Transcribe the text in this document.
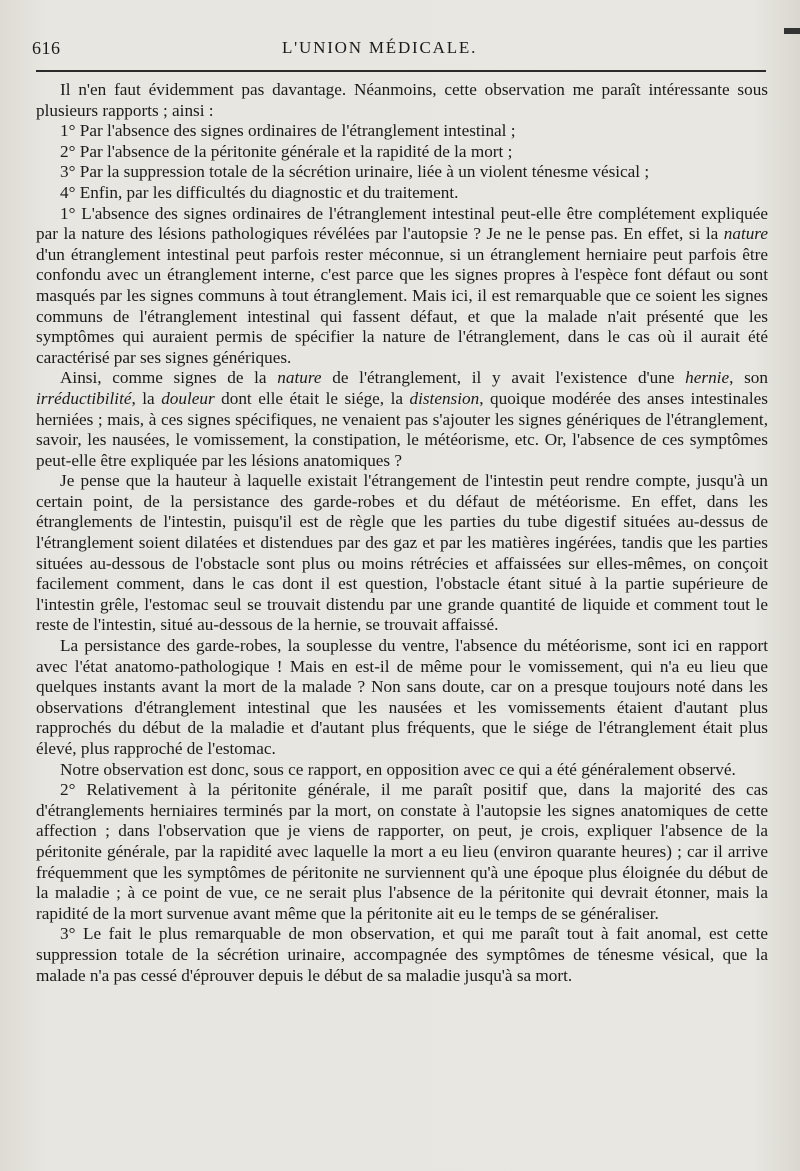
616	L'UNION MÉDICALE.

Il n'en faut évidemment pas davantage. Néanmoins, cette observation me paraît intéressante sous plusieurs rapports ; ainsi :

1° Par l'absence des signes ordinaires de l'étranglement intestinal ;

2° Par l'absence de la péritonite générale et la rapidité de la mort ;

3° Par la suppression totale de la sécrétion urinaire, liée à un violent ténesme vésical ;

4° Enfin, par les difficultés du diagnostic et du traitement.

1° L'absence des signes ordinaires de l'étranglement intestinal peut-elle être complétement expliquée par la nature des lésions pathologiques révélées par l'autopsie ? Je ne le pense pas. En effet, si la nature d'un étranglement intestinal peut parfois rester méconnue, si un étranglement herniaire peut parfois être confondu avec un étranglement interne, c'est parce que les signes propres à l'espèce font défaut ou sont masqués par les signes communs à tout étranglement. Mais ici, il est remarquable que ce soient les signes communs de l'étranglement intestinal qui fassent défaut, et que la malade n'ait présenté que les symptômes qui auraient permis de spécifier la nature de l'étranglement, dans le cas où il aurait été caractérisé par ses signes génériques.

Ainsi, comme signes de la nature de l'étranglement, il y avait l'existence d'une hernie, son irréductibilité, la douleur dont elle était le siége, la distension, quoique modérée des anses intestinales herniées ; mais, à ces signes spécifiques, ne venaient pas s'ajouter les signes génériques de l'étranglement, savoir, les nausées, le vomissement, la constipation, le météorisme, etc. Or, l'absence de ces symptômes peut-elle être expliquée par les lésions anatomiques ?

Je pense que la hauteur à laquelle existait l'étrangement de l'intestin peut rendre compte, jusqu'à un certain point, de la persistance des garde-robes et du défaut de météorisme. En effet, dans les étranglements de l'intestin, puisqu'il est de règle que les parties du tube digestif situées au-dessus de l'étranglement soient dilatées et distendues par des gaz et par les matières ingérées, tandis que les parties situées au-dessous de l'obstacle sont plus ou moins rétrécies et affaissées sur elles-mêmes, on conçoit facilement comment, dans le cas dont il est question, l'obstacle étant situé à la partie supérieure de l'intestin grêle, l'estomac seul se trouvait distendu par une grande quantité de liquide et comment tout le reste de l'intestin, situé au-dessous de la hernie, se trouvait affaissé.

La persistance des garde-robes, la souplesse du ventre, l'absence du météorisme, sont ici en rapport avec l'état anatomo-pathologique ! Mais en est-il de même pour le vomissement, qui n'a eu lieu que quelques instants avant la mort de la malade ? Non sans doute, car on a presque toujours noté dans les observations d'étranglement intestinal que les nausées et les vomissements étaient d'autant plus rapprochés du début de la maladie et d'autant plus fréquents, que le siége de l'étranglement était plus élevé, plus rapproché de l'estomac.

Notre observation est donc, sous ce rapport, en opposition avec ce qui a été généralement observé.

2° Relativement à la péritonite générale, il me paraît positif que, dans la majorité des cas d'étranglements herniaires terminés par la mort, on constate à l'autopsie les signes anatomiques de cette affection ; dans l'observation que je viens de rapporter, on peut, je crois, expliquer l'absence de la péritonite générale, par la rapidité avec laquelle la mort a eu lieu (environ quarante heures) ; car il arrive fréquemment que les symptômes de péritonite ne surviennent qu'à une époque plus éloignée du début de la maladie ; à ce point de vue, ce ne serait plus l'absence de la péritonite qui devrait étonner, mais la rapidité de la mort survenue avant même que la péritonite ait eu le temps de se généraliser.

3° Le fait le plus remarquable de mon observation, et qui me paraît tout à fait anomal, est cette suppression totale de la sécrétion urinaire, accompagnée des symptômes de ténesme vésical, que la malade n'a pas cessé d'éprouver depuis le début de sa maladie jusqu'à sa mort.
